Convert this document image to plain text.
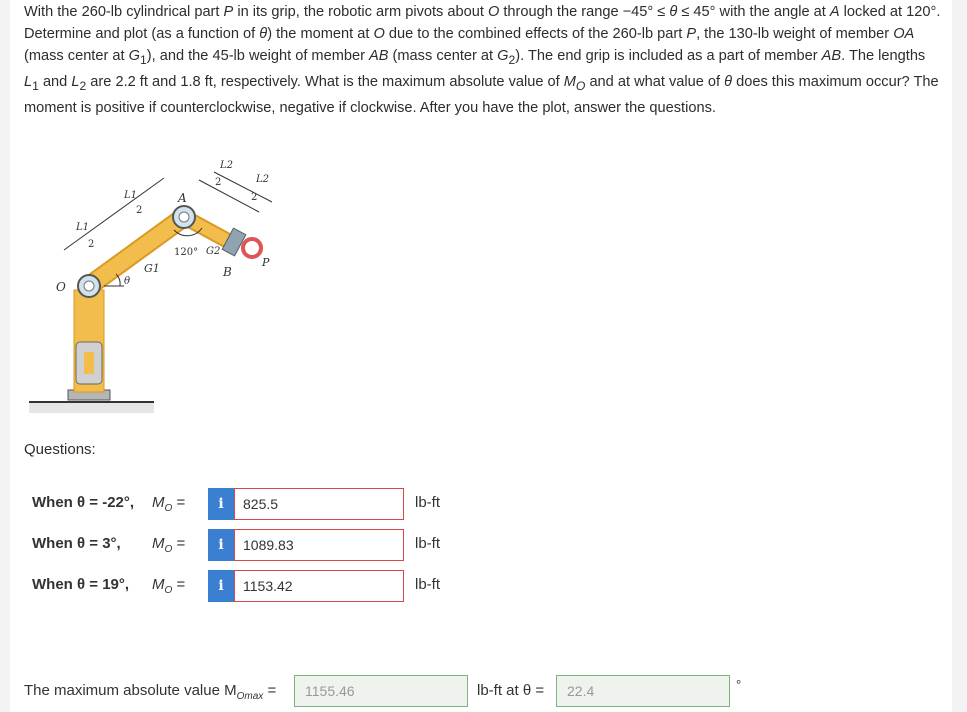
With the 260-lb cylindrical part P in its grip, the robotic arm pivots about O through the range −45° ≤ θ ≤ 45° with the angle at A locked at 120°. Determine and plot (as a function of θ) the moment at O due to the combined effects of the 260-lb part P, the 130-lb weight of member OA (mass center at $G_1$), and the 45-lb weight of member AB (mass center at $G_2$). The end grip is included as a part of member AB. The lengths $L_1$ and $L_2$ are 2.2 ft and 1.8 ft, respectively. What is the maximum absolute value of $M_O$ and at what value of θ does this maximum occur? The moment is positive if counterclockwise, negative if clockwise. After you have the plot, answer the questions.

O
A
B
P
G1
G2
120°
θ
L1
2
L1
2
L2
2	L2
2
Questions:
When θ = -22°, $M_O$ =	i	825.5	lb-ft
When θ = 3°, $M_O$ =	i	1089.83	lb-ft
When θ = 19°, $M_O$ =	i	1153.42	lb-ft
The maximum absolute value $M_{Omax}$ =	1155.46	lb-ft at θ =	22.4	°
